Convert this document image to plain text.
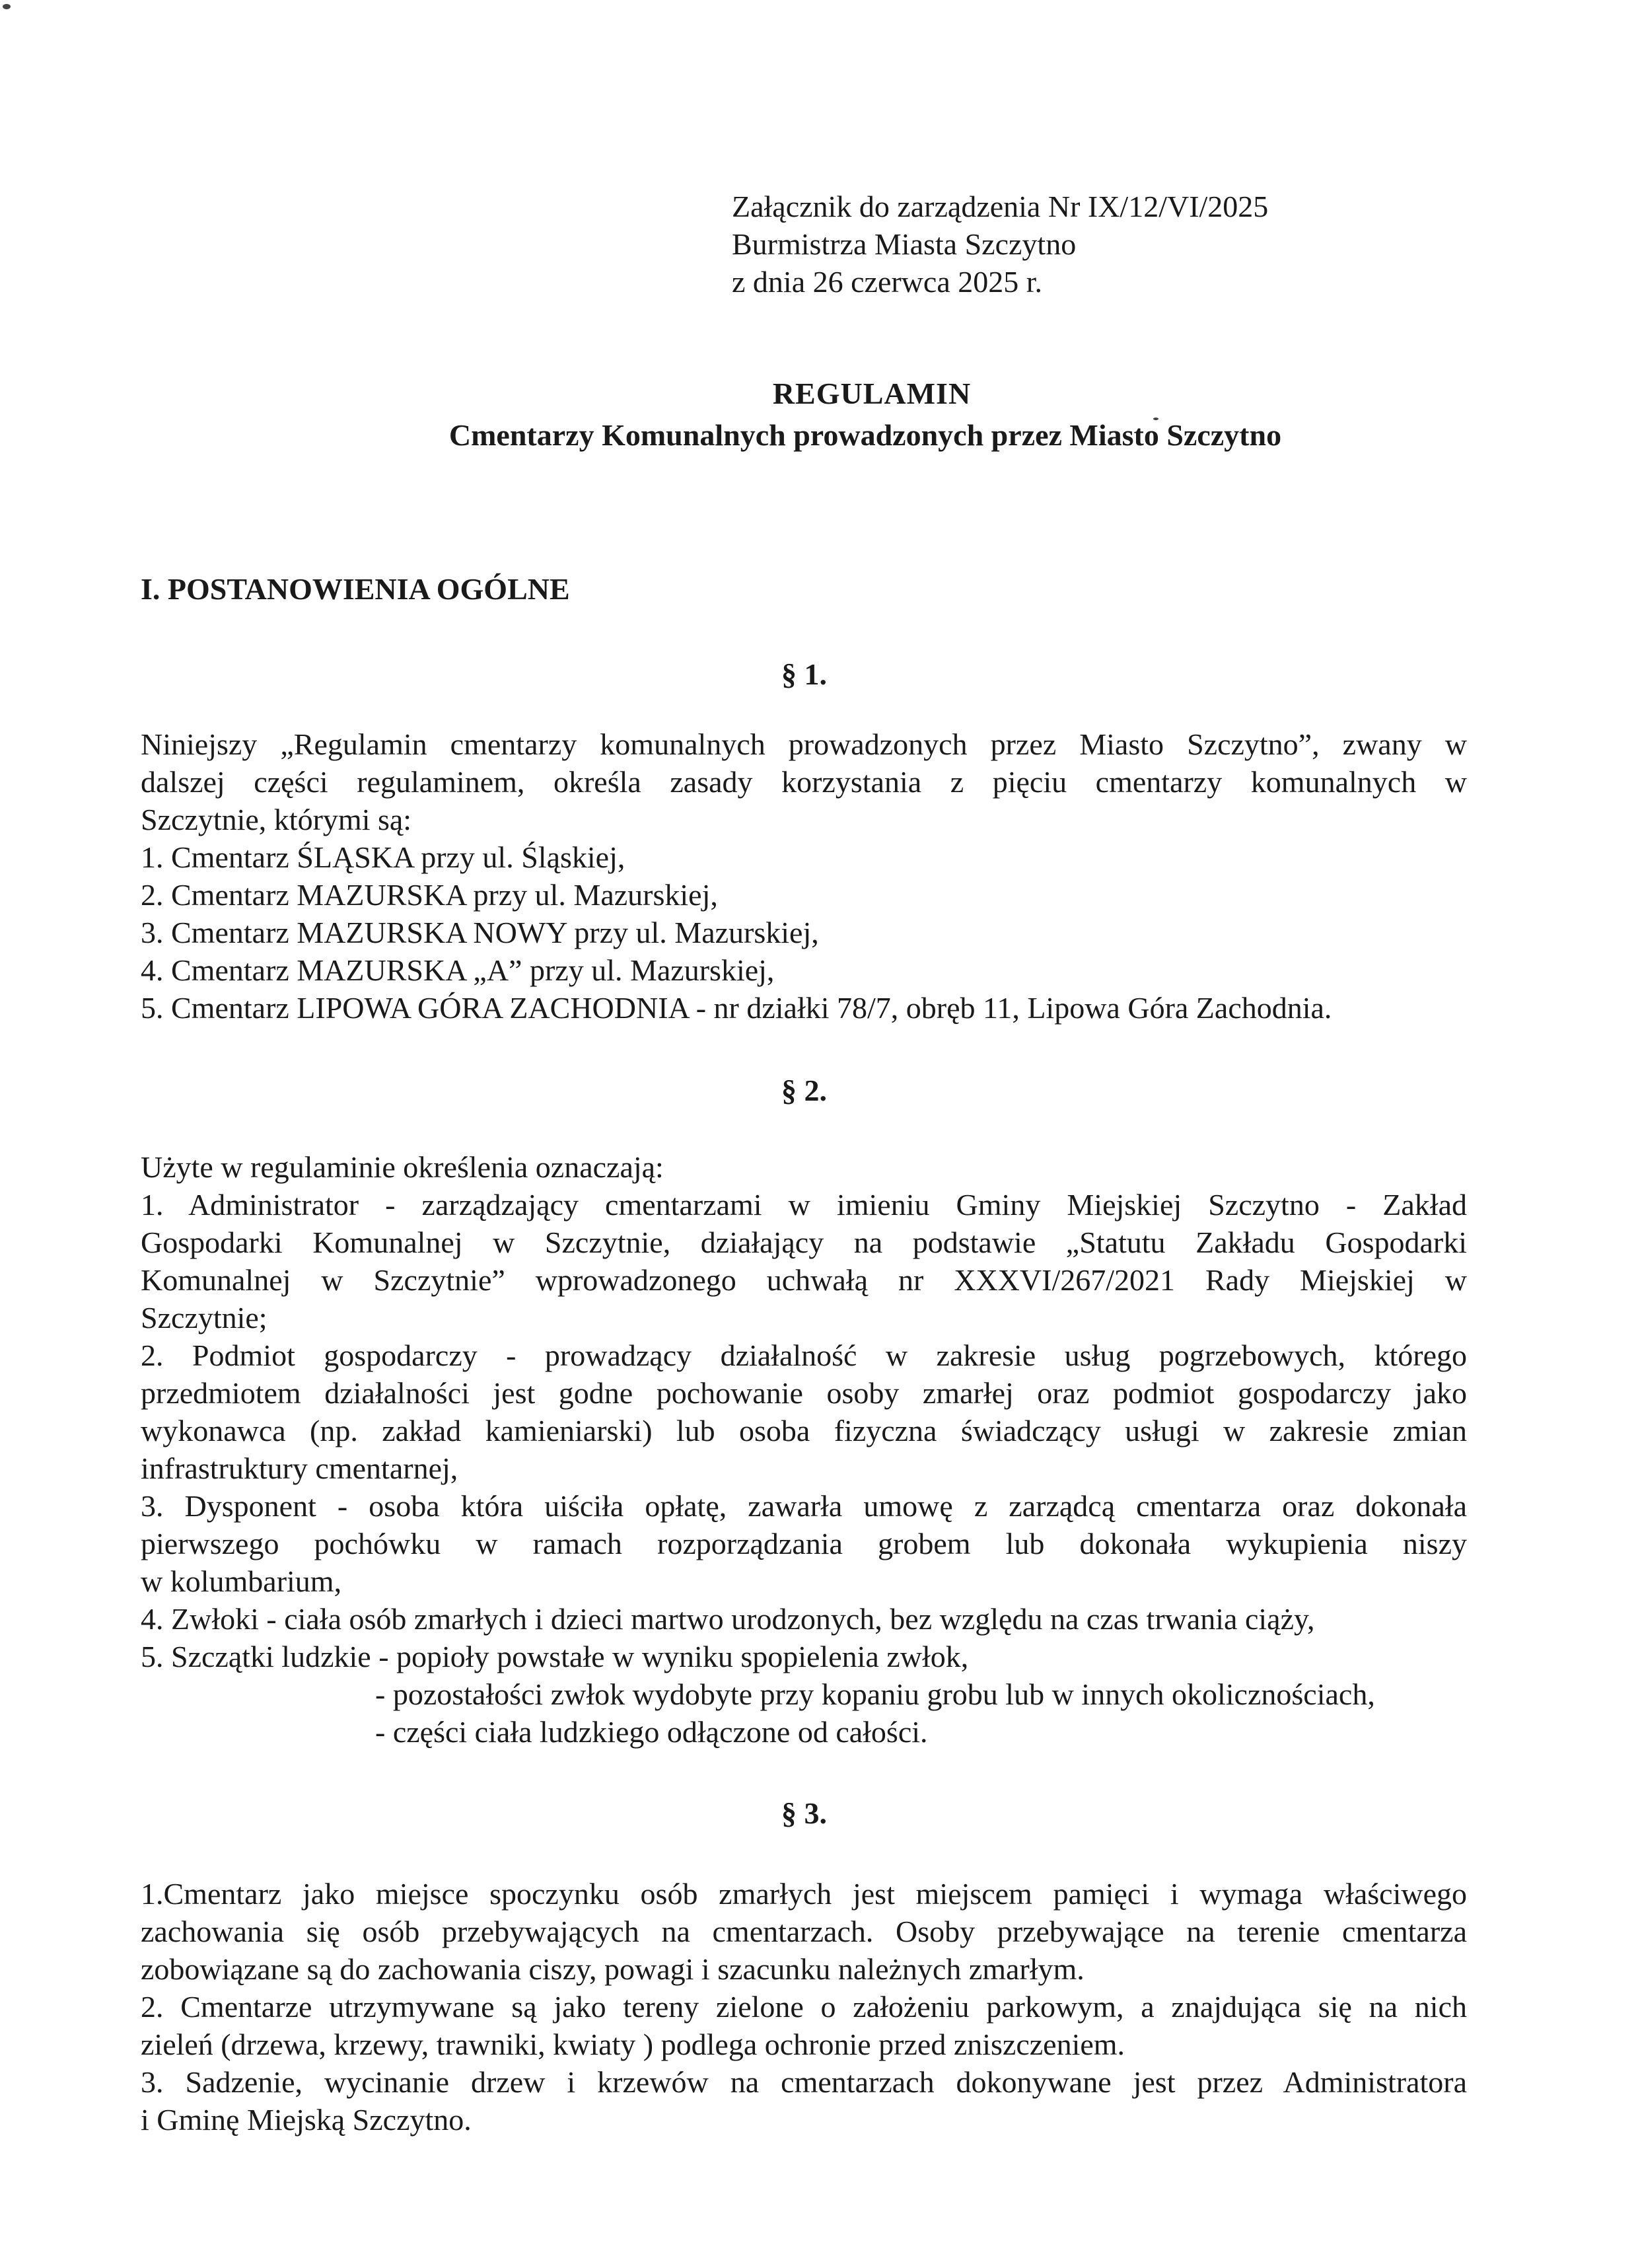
Załącznik do zarządzenia Nr IX/12/VI/2025
Burmistrza Miasta Szczytno
z dnia 26 czerwca 2025 r.
REGULAMIN
Cmentarzy Komunalnych prowadzonych przez Miasto Szczytno
I. POSTANOWIENIA OGÓLNE
§ 1.
Niniejszy „Regulamin cmentarzy komunalnych prowadzonych przez Miasto Szczytno”, zwany w
dalszej części regulaminem, określa zasady korzystania z pięciu cmentarzy komunalnych w
Szczytnie, którymi są:
1. Cmentarz ŚLĄSKA przy ul. Śląskiej,
2. Cmentarz MAZURSKA przy ul. Mazurskiej,
3. Cmentarz MAZURSKA NOWY przy ul. Mazurskiej,
4. Cmentarz MAZURSKA „A” przy ul. Mazurskiej,
5. Cmentarz LIPOWA GÓRA ZACHODNIA - nr działki 78/7, obręb 11, Lipowa Góra Zachodnia.
§ 2.
Użyte w regulaminie określenia oznaczają:
1. Administrator - zarządzający cmentarzami w imieniu Gminy Miejskiej Szczytno - Zakład
Gospodarki Komunalnej w Szczytnie, działający na podstawie „Statutu Zakładu Gospodarki
Komunalnej w Szczytnie” wprowadzonego uchwałą nr XXXVI/267/2021 Rady Miejskiej w
Szczytnie;
2. Podmiot gospodarczy - prowadzący działalność w zakresie usług pogrzebowych, którego
przedmiotem działalności jest godne pochowanie osoby zmarłej oraz podmiot gospodarczy jako
wykonawca (np. zakład kamieniarski) lub osoba fizyczna świadczący usługi w zakresie zmian
infrastruktury cmentarnej,
3. Dysponent - osoba która uiściła opłatę, zawarła umowę z zarządcą cmentarza oraz dokonała
pierwszego pochówku w ramach rozporządzania grobem lub dokonała wykupienia niszy
w kolumbarium,
4. Zwłoki - ciała osób zmarłych i dzieci martwo urodzonych, bez względu na czas trwania ciąży,
5. Szczątki ludzkie - popioły powstałe w wyniku spopielenia zwłok,
- pozostałości zwłok wydobyte przy kopaniu grobu lub w innych okolicznościach,
- części ciała ludzkiego odłączone od całości.
§ 3.
1.Cmentarz jako miejsce spoczynku osób zmarłych jest miejscem pamięci i wymaga właściwego
zachowania się osób przebywających na cmentarzach. Osoby przebywające na terenie cmentarza
zobowiązane są do zachowania ciszy, powagi i szacunku należnych zmarłym.
2. Cmentarze utrzymywane są jako tereny zielone o założeniu parkowym, a znajdująca się na nich
zieleń (drzewa, krzewy, trawniki, kwiaty ) podlega ochronie przed zniszczeniem.
3. Sadzenie, wycinanie drzew i krzewów na cmentarzach dokonywane jest przez Administratora
i Gminę Miejską Szczytno.
